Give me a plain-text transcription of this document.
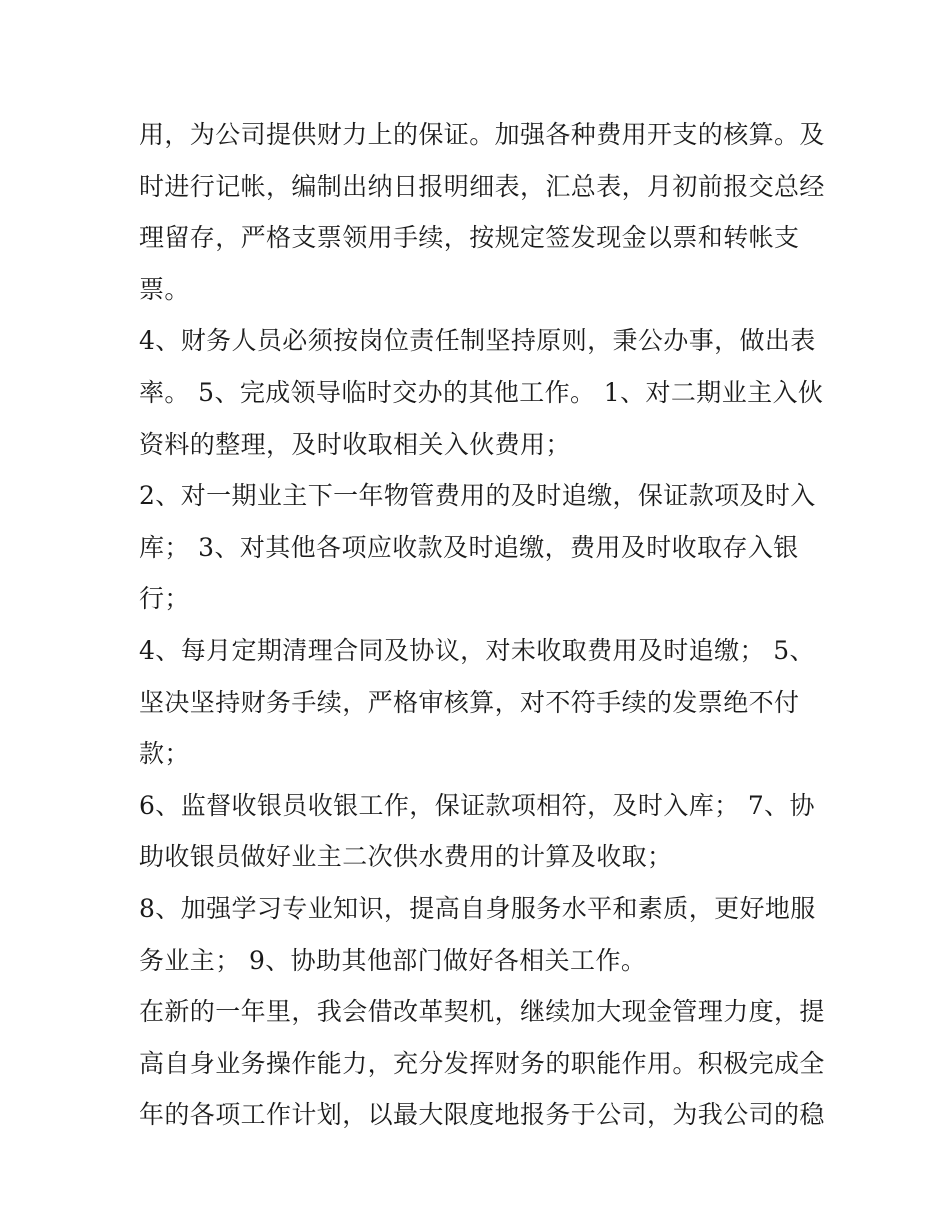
用，为公司提供财力上的保证。加强各种费用开支的核算。及
时进行记帐，编制出纳日报明细表，汇总表，月初前报交总经
理留存，严格支票领用手续，按规定签发现金以票和转帐支
票。
4、财务人员必须按岗位责任制坚持原则，秉公办事，做出表
率。 5、完成领导临时交办的其他工作。 1、对二期业主入伙
资料的整理，及时收取相关入伙费用；
2、对一期业主下一年物管费用的及时追缴，保证款项及时入
库； 3、对其他各项应收款及时追缴，费用及时收取存入银
行；
4、每月定期清理合同及协议，对未收取费用及时追缴； 5、
坚决坚持财务手续，严格审核算，对不符手续的发票绝不付
款；
6、监督收银员收银工作，保证款项相符，及时入库； 7、协
助收银员做好业主二次供水费用的计算及收取；
8、加强学习专业知识，提高自身服务水平和素质，更好地服
务业主； 9、协助其他部门做好各相关工作。
在新的一年里，我会借改革契机，继续加大现金管理力度，提
高自身业务操作能力，充分发挥财务的职能作用。积极完成全
年的各项工作计划，以最大限度地报务于公司，为我公司的稳
